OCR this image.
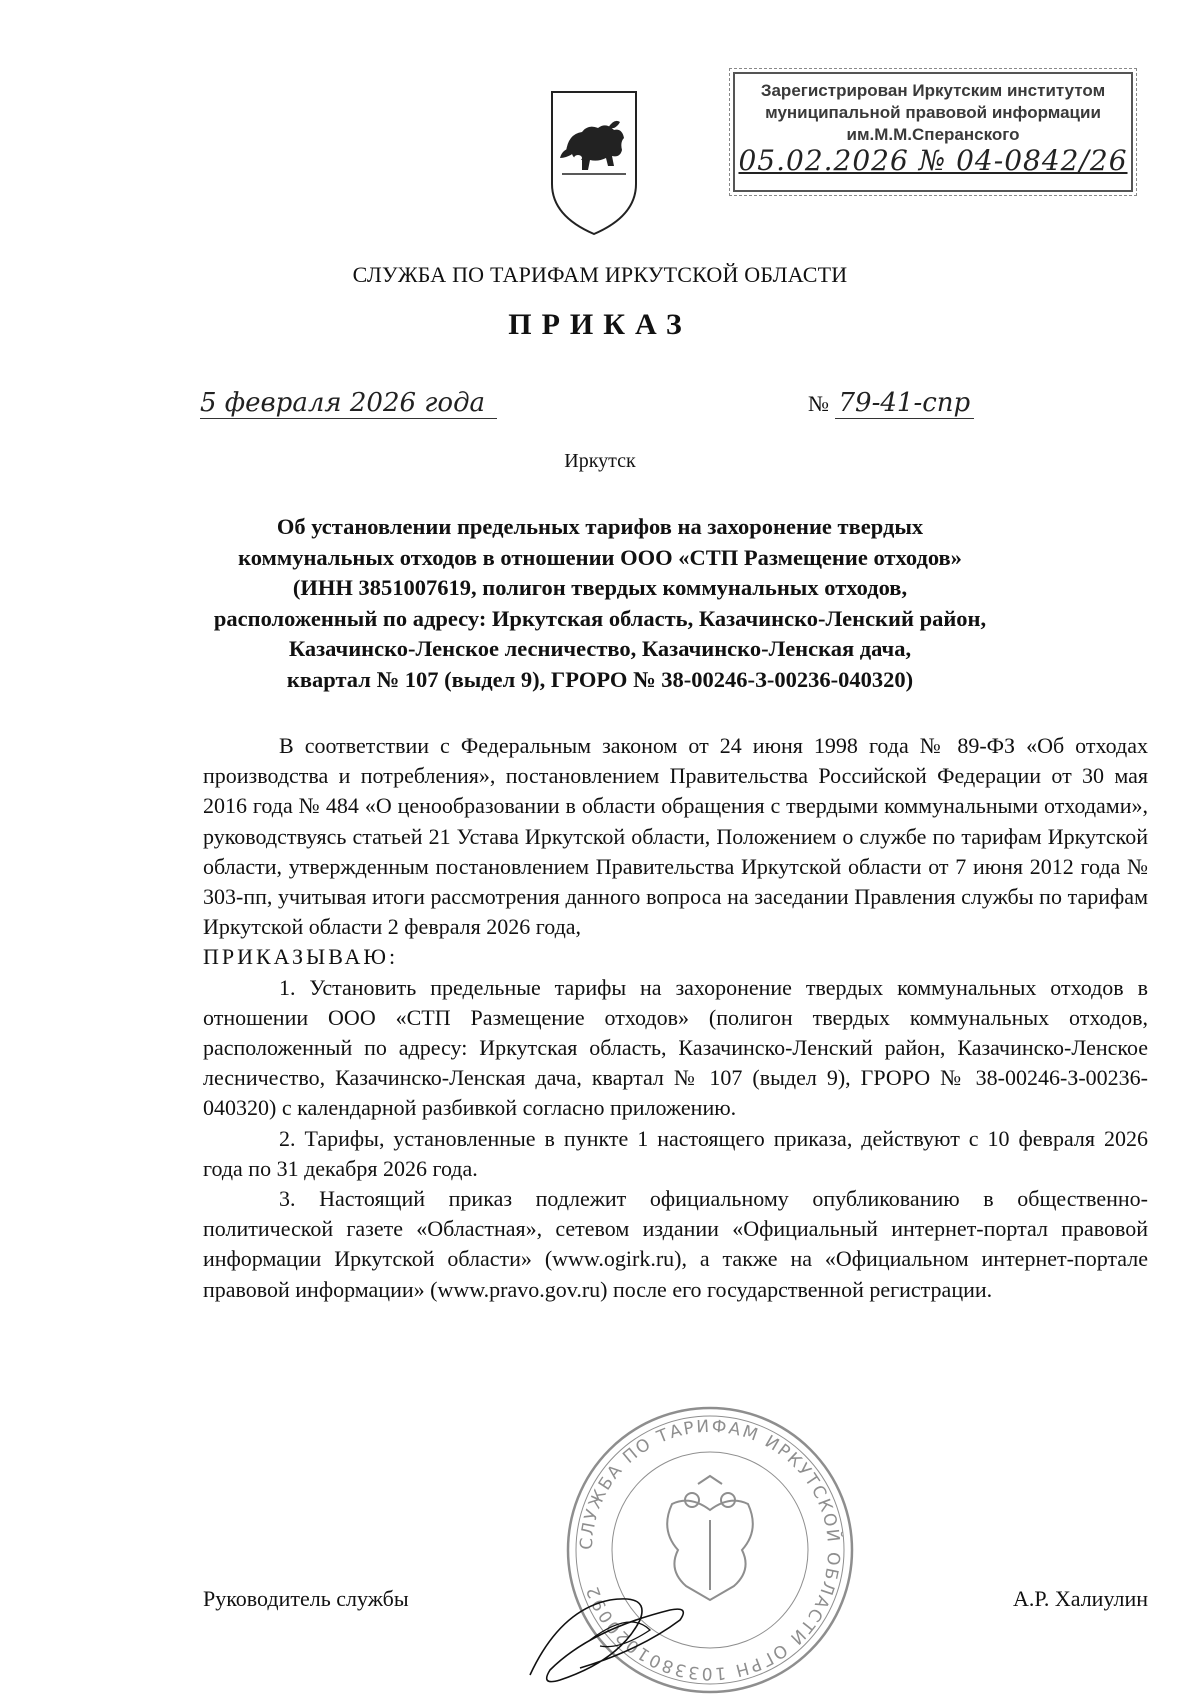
Зарегистрирован Иркутским институтом
муниципальной правовой информации
им.М.М.Сперанского
05.02.2026 № 04-0842/26
СЛУЖБА ПО ТАРИФАМ ИРКУТСКОЙ ОБЛАСТИ
ПРИКАЗ
5 февраля 2026 года	№ 79-41-спр
Иркутск
Об установлении предельных тарифов на захоронение твердых
коммунальных отходов в отношении ООО «СТП Размещение отходов»
(ИНН 3851007619, полигон твердых коммунальных отходов,
расположенный по адресу: Иркутская область, Казачинско-Ленский район,
Казачинско-Ленское лесничество, Казачинско-Ленская дача,
квартал № 107 (выдел 9), ГРОРО № 38-00246-З-00236-040320)

В соответствии с Федеральным законом от 24 июня 1998 года № 89-ФЗ «Об отходах производства и потребления», постановлением Правительства Российской Федерации от 30 мая 2016 года № 484 «О ценообразовании в области обращения с твердыми коммунальными отходами», руководствуясь статьей 21 Устава Иркутской области, Положением о службе по тарифам Иркутской области, утвержденным постановлением Правительства Иркутской области от 7 июня 2012 года № 303-пп, учитывая итоги рассмотрения данного вопроса на заседании Правления службы по тарифам Иркутской области 2 февраля 2026 года,

ПРИКАЗЫВАЮ:

1. Установить предельные тарифы на захоронение твердых коммунальных отходов в отношении ООО «СТП Размещение отходов» (полигон твердых коммунальных отходов, расположенный по адресу: Иркутская область, Казачинско-Ленский район, Казачинско-Ленское лесничество, Казачинско-Ленская дача, квартал № 107 (выдел 9), ГРОРО № 38-00246-З-00236-040320) с календарной разбивкой согласно приложению.

2. Тарифы, установленные в пункте 1 настоящего приказа, действуют с 10 февраля 2026 года по 31 декабря 2026 года.

3. Настоящий приказ подлежит официальному опубликованию в общественно-политической газете «Областная», сетевом издании «Официальный интернет-портал правовой информации Иркутской области» (www.ogirk.ru), а также на «Официальном интернет-портале правовой информации» (www.pravo.gov.ru) после его государственной регистрации.

СЛУЖБА ПО ТАРИФАМ ИРКУТСКОЙ ОБЛАСТИ ОГРН 1033801020092
Руководитель службы	А.Р. Халиулин
